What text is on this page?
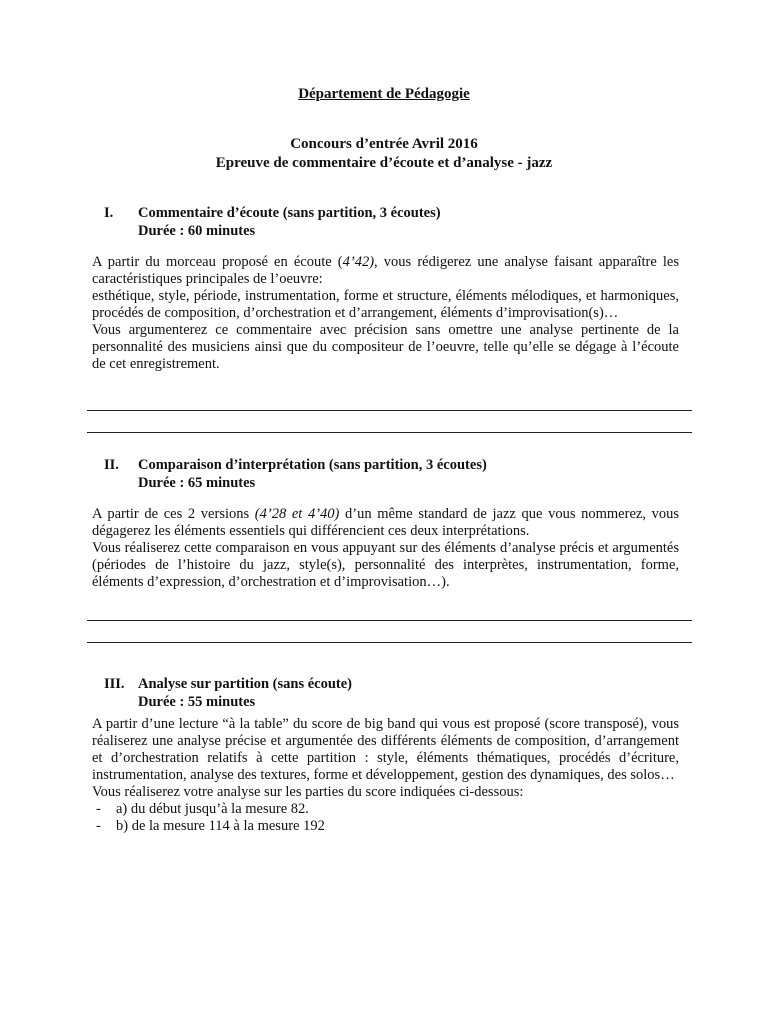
Département de Pédagogie
Concours d’entrée Avril 2016
Epreuve de commentaire d’écoute et d’analyse - jazz
I. Commentaire d’écoute (sans partition, 3 écoutes)
Durée : 60 minutes

A partir du morceau proposé en écoute (4’42), vous rédigerez une analyse faisant apparaître les caractéristiques principales de l’oeuvre:

esthétique, style, période, instrumentation, forme et structure, éléments mélodiques, et harmoniques, procédés de composition, d’orchestration et d’arrangement, éléments d’improvisation(s)…

Vous argumenterez ce commentaire avec précision sans omettre une analyse pertinente de la personnalité des musiciens ainsi que du compositeur de l’oeuvre, telle qu’elle se dégage à l’écoute de cet enregistrement.

II. Comparaison d’interprétation (sans partition, 3 écoutes)
Durée : 65 minutes

A partir de ces 2 versions (4’28 et 4’40) d’un même standard de jazz que vous nommerez, vous dégagerez les éléments essentiels qui différencient ces deux interprétations.

Vous réaliserez cette comparaison en vous appuyant sur des éléments d’analyse précis et argumentés (périodes de l’histoire du jazz, style(s), personnalité des interprètes, instrumentation, forme, éléments d’expression, d’orchestration et d’improvisation…).

III. Analyse sur partition (sans écoute)
Durée : 55 minutes

A partir d’une lecture “à la table” du score de big band qui vous est proposé (score transposé), vous réaliserez une analyse précise et argumentée des différents éléments de composition, d’arrangement et d’orchestration relatifs à cette partition : style, éléments thématiques, procédés d’écriture, instrumentation, analyse des textures, forme et développement, gestion des dynamiques, des solos…

Vous réaliserez votre analyse sur les parties du score indiquées ci-dessous:

- a) du début jusqu’à la mesure 82.
- b) de la mesure 114 à la mesure 192
